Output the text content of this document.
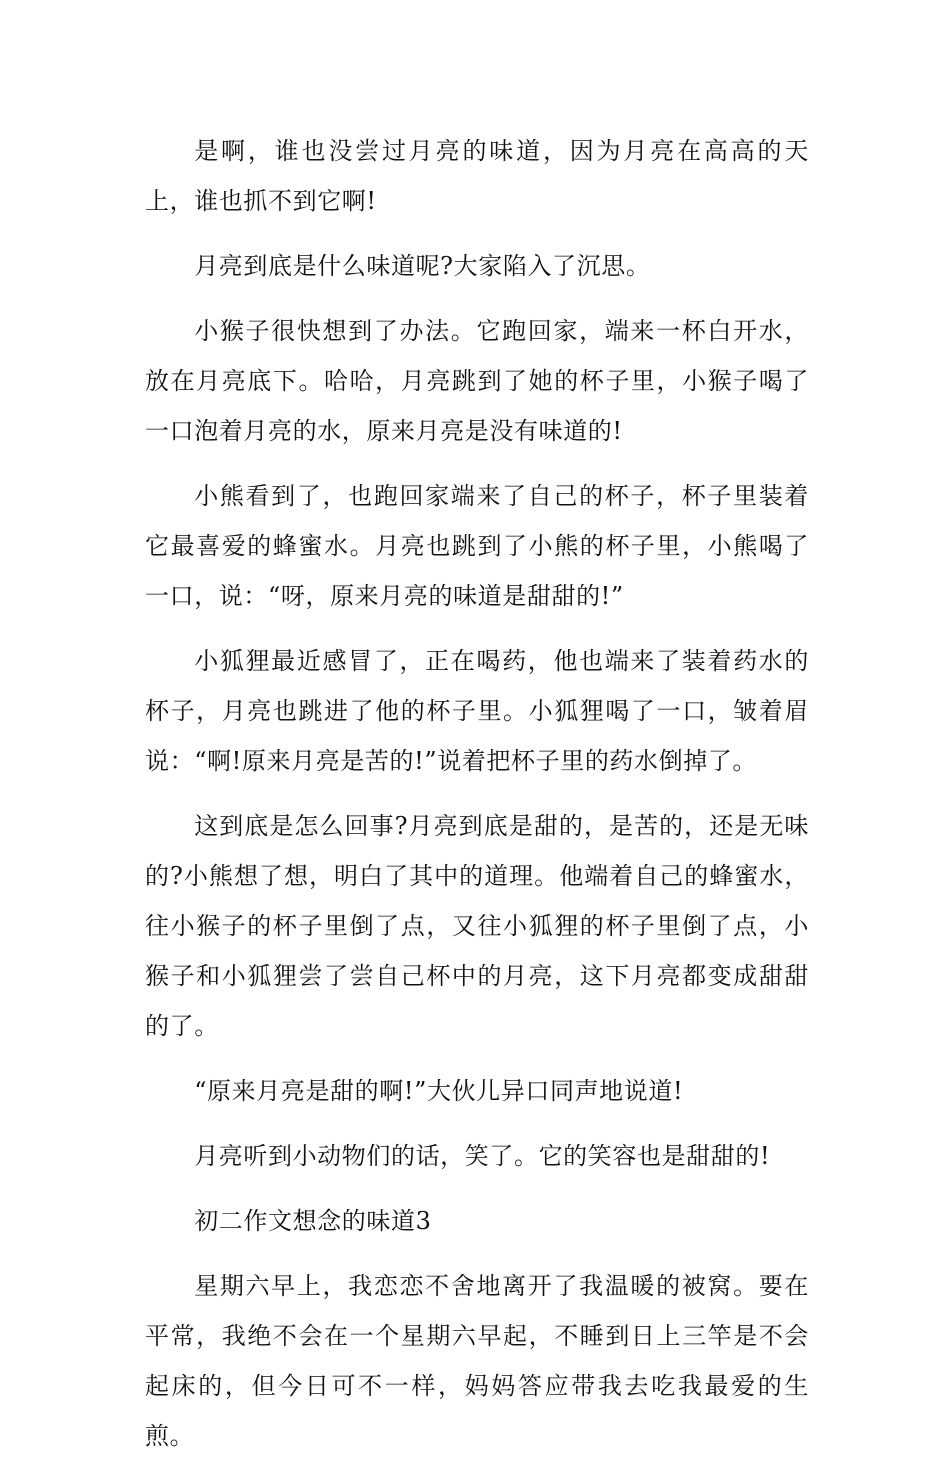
是啊，谁也没尝过月亮的味道，因为月亮在高高的天上，谁也抓不到它啊!

月亮到底是什么味道呢?大家陷入了沉思。

小猴子很快想到了办法。它跑回家，端来一杯白开水，放在月亮底下。哈哈，月亮跳到了她的杯子里，小猴子喝了一口泡着月亮的水，原来月亮是没有味道的!

小熊看到了，也跑回家端来了自己的杯子，杯子里装着它最喜爱的蜂蜜水。月亮也跳到了小熊的杯子里，小熊喝了一口，说：“呀，原来月亮的味道是甜甜的!”

小狐狸最近感冒了，正在喝药，他也端来了装着药水的杯子，月亮也跳进了他的杯子里。小狐狸喝了一口，皱着眉说：“啊!原来月亮是苦的!”说着把杯子里的药水倒掉了。

这到底是怎么回事?月亮到底是甜的，是苦的，还是无味的?小熊想了想，明白了其中的道理。他端着自己的蜂蜜水，往小猴子的杯子里倒了点，又往小狐狸的杯子里倒了点，小猴子和小狐狸尝了尝自己杯中的月亮，这下月亮都变成甜甜的了。

“原来月亮是甜的啊!”大伙儿异口同声地说道!

月亮听到小动物们的话，笑了。它的笑容也是甜甜的!

初二作文想念的味道3

星期六早上，我恋恋不舍地离开了我温暖的被窝。要在平常，我绝不会在一个星期六早起，不睡到日上三竿是不会起床的，但今日可不一样，妈妈答应带我去吃我最爱的生煎。
